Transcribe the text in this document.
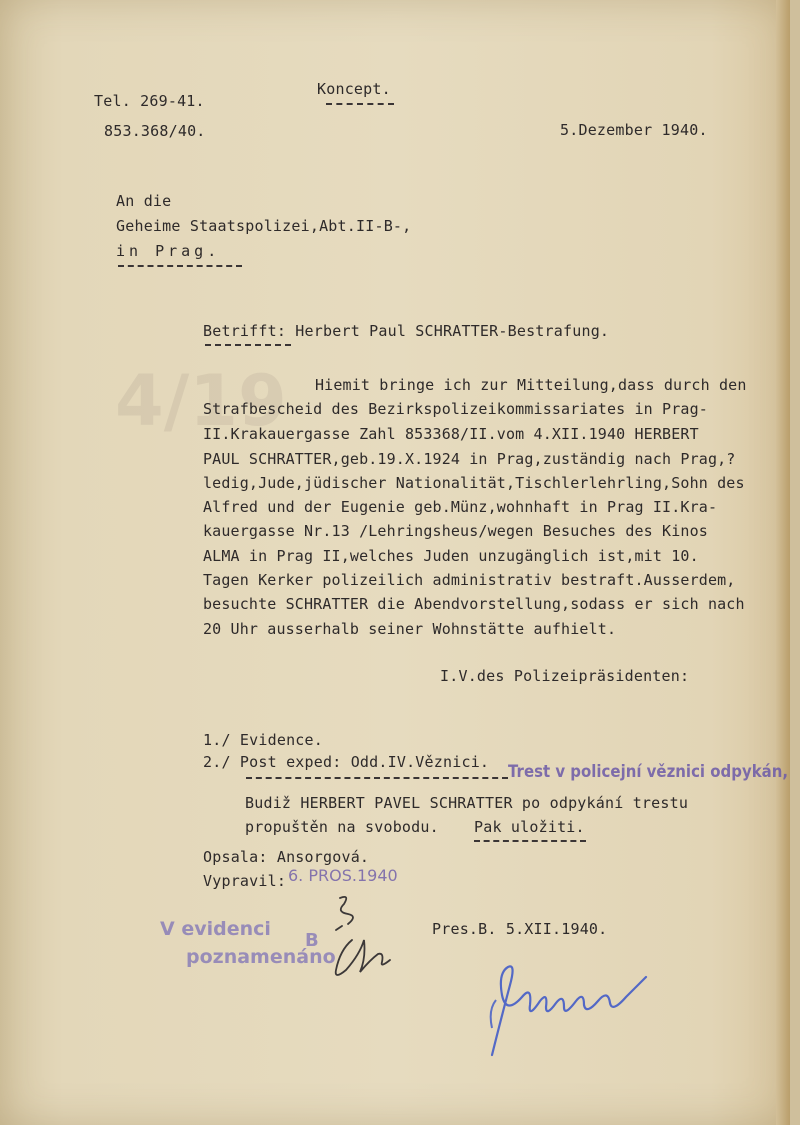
4/19
Tel. 269-41.
Koncept.
853.368/40.	5.Dezember 1940.
An die
Geheime Staatspolizei,Abt.II-B-,
in Prag.
Betrifft: Herbert Paul SCHRATTER-Bestrafung.
Hiemit bringe ich zur Mitteilung,dass durch den
Strafbescheid des Bezirkspolizeikommissariates in Prag-
II.Krakauergasse Zahl 853368/II.vom 4.XII.1940 HERBERT
PAUL SCHRATTER,geb.19.X.1924 in Prag,zuständig nach Prag,?
ledig,Jude,jüdischer Nationalität,Tischlerlehrling,Sohn des
Alfred und der Eugenie geb.Münz,wohnhaft in Prag II.Kra-
kauergasse Nr.13 /Lehringsheus/wegen Besuches des Kinos
ALMA in Prag II,welches Juden unzugänglich ist,mit 10.
Tagen Kerker polizeilich administrativ bestraft.Ausserdem,
besuchte SCHRATTER die Abendvorstellung,sodass er sich nach
20 Uhr ausserhalb seiner Wohnstätte aufhielt.
I.V.des Polizeipräsidenten:
1./ Evidence.
2./ Post exped: Odd.IV.Věznici. Trest v policejní věznici odpykán,
Budiž HERBERT PAVEL SCHRATTER po odpykání trestu
propuštěn na svobodu. Pak uložiti.
Opsala: Ansorgová.
Vypravil: 6. PROS.1940
V evidenci
B
poznamenáno
Pres.B. 5.XII.1940.
